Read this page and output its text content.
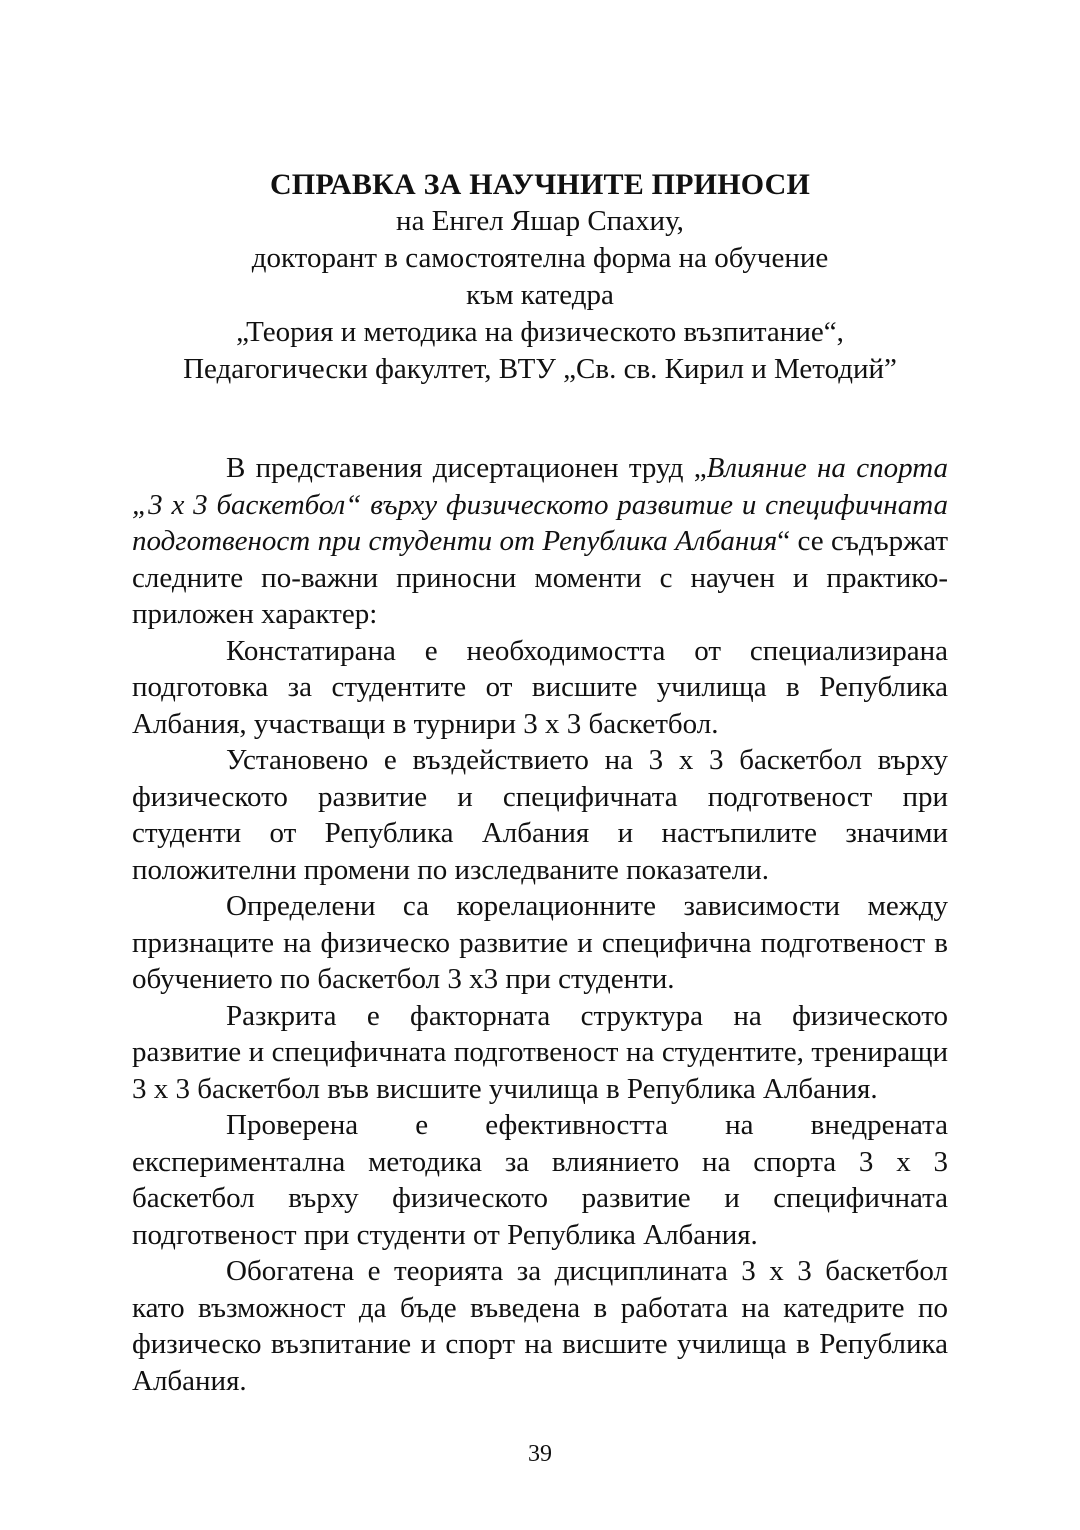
СПРАВКА ЗА НАУЧНИТЕ ПРИНОСИ
на Енгел Яшар Спахиу,
докторант в самостоятелна форма на обучение
към катедра
„Теория и методика на физическото възпитание“,
Педагогически факултет, ВТУ „Св. св. Кирил и Методий”

В представения дисертационен труд „Влияние на спорта „3 х 3 баскетбол“ върху физическото развитие и специфичната подготвеност при студенти от Република Албания“ се съдържат следните по-важни приносни моменти с научен и практико-приложен характер:

Констатирана е необходимостта от специализирана подготовка за студентите от висшите училища в Република Албания, участващи в турнири 3 х 3 баскетбол.

Установено е въздействието на 3 х 3 баскетбол върху физическото развитие и специфичната подготвеност при студенти от Република Албания и настъпилите значими положителни промени по изследваните показатели.

Определени са корелационните зависимости между признаците на физическо развитие и специфична подготвеност в обучението по баскетбол 3 х3 при студенти.

Разкрита е факторната структура на физическото развитие и специфичната подготвеност на студентите, трениращи 3 х 3 баскетбол във висшите училища в Република Албания.

Проверена е ефективността на внедрената експериментална методика за влиянието на спорта 3 х 3 баскетбол върху физическото развитие и специфичната подготвеност при студенти от Република Албания.

Обогатена е теорията за дисциплината 3 х 3 баскетбол като възможност да бъде въведена в работата на катедрите по физическо възпитание и спорт на висшите училища в Република Албания.

39
